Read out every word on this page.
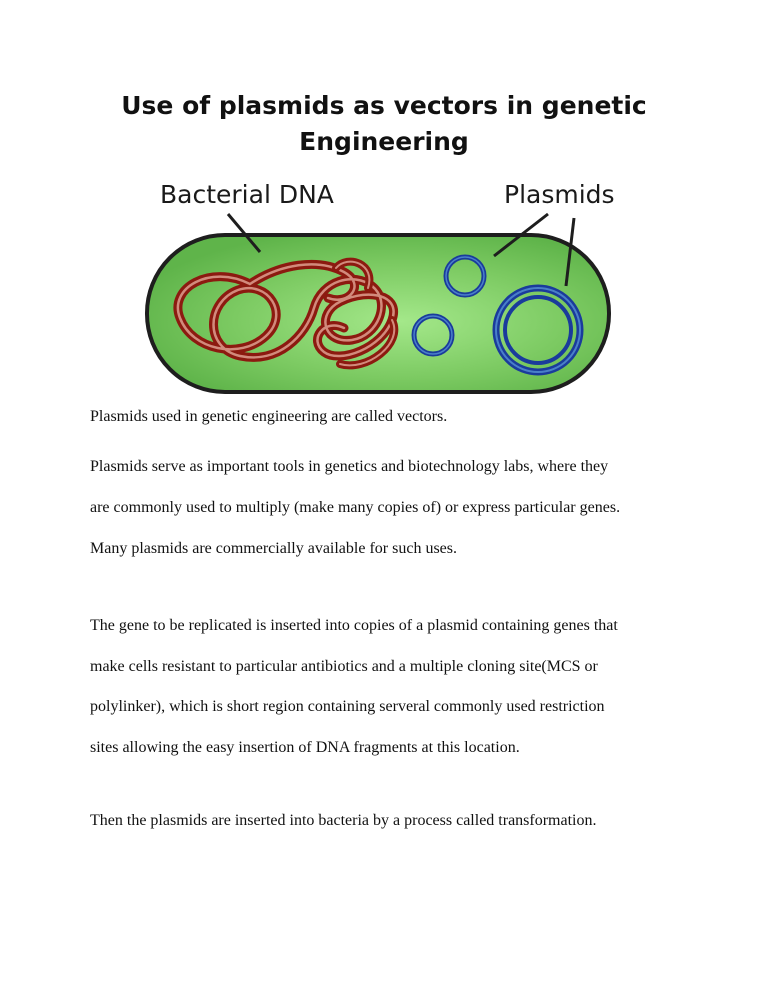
Use of plasmids as vectors in genetic
Engineering
Bacterial DNA	Plasmids

Plasmids used in genetic engineering are called vectors.

Plasmids serve as important tools in genetics and biotechnology labs, where they
are commonly used to multiply (make many copies of) or express particular genes.
Many plasmids are commercially available for such uses.

The gene to be replicated is inserted into copies of a plasmid containing genes that
make cells resistant to particular antibiotics and a multiple cloning site(MCS or
polylinker), which is short region containing serveral commonly used restriction
sites allowing the easy insertion of DNA fragments at this location.

Then the plasmids are inserted into bacteria by a process called transformation.
